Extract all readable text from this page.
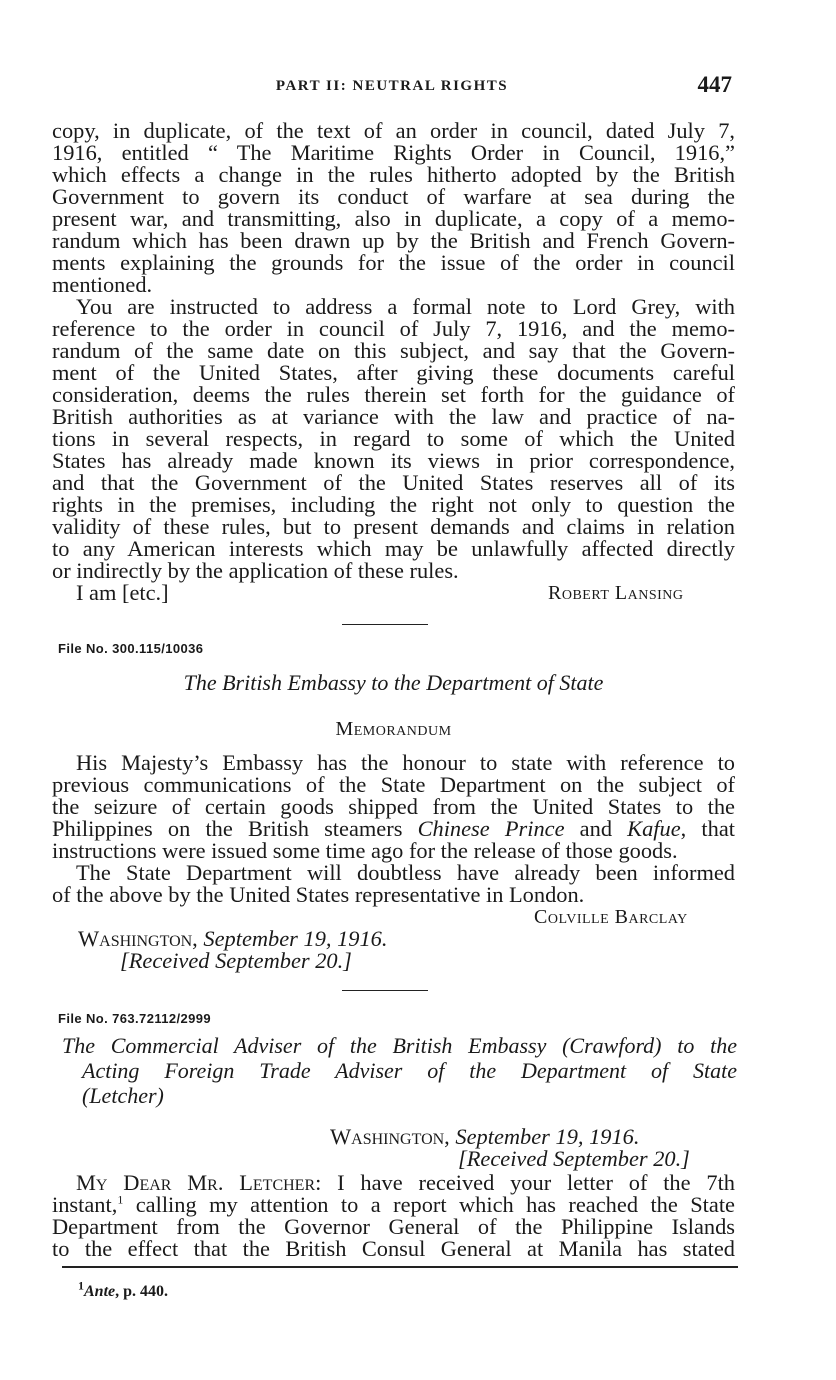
PART II: NEUTRAL RIGHTS	447
copy, in duplicate, of the text of an order in council, dated July 7,
1916, entitled “ The Maritime Rights Order in Council, 1916,”
which effects a change in the rules hitherto adopted by the British
Government to govern its conduct of warfare at sea during the
present war, and transmitting, also in duplicate, a copy of a memo-
randum which has been drawn up by the British and French Govern-
ments explaining the grounds for the issue of the order in council
mentioned.
You are instructed to address a formal note to Lord Grey, with
reference to the order in council of July 7, 1916, and the memo-
randum of the same date on this subject, and say that the Govern-
ment of the United States, after giving these documents careful
consideration, deems the rules therein set forth for the guidance of
British authorities as at variance with the law and practice of na-
tions in several respects, in regard to some of which the United
States has already made known its views in prior correspondence,
and that the Government of the United States reserves all of its
rights in the premises, including the right not only to question the
validity of these rules, but to present demands and claims in relation
to any American interests which may be unlawfully affected directly
or indirectly by the application of these rules.
I am [etc.]	Robert Lansing
File No. 300.115/10036
The British Embassy to the Department of State
Memorandum
His Majesty’s Embassy has the honour to state with reference to
previous communications of the State Department on the subject of
the seizure of certain goods shipped from the United States to the
Philippines on the British steamers Chinese Prince and Kafue, that
instructions were issued some time ago for the release of those goods.
The State Department will doubtless have already been informed
of the above by the United States representative in London.
Colville Barclay
Washington, September 19, 1916.
[Received September 20.]
File No. 763.72112/2999
The Commercial Adviser of the British Embassy (Crawford) to the
Acting Foreign Trade Adviser of the Department of State
(Letcher)
Washington, September 19, 1916.
[Received September 20.]
My Dear Mr. Letcher: I have received your letter of the 7th
instant,$^1$ calling my attention to a report which has reached the State
Department from the Governor General of the Philippine Islands
to the effect that the British Consul General at Manila has stated
$^1$Ante, p. 440.
